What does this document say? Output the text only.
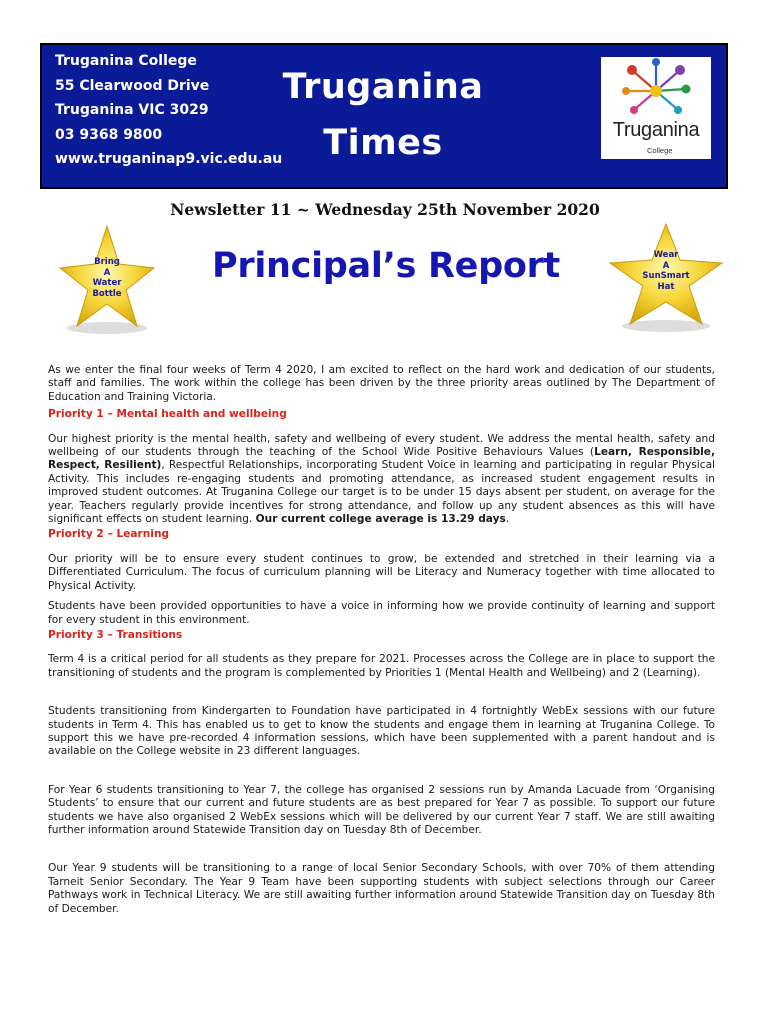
Truganina College
55 Clearwood Drive
Truganina VIC 3029
03 9368 9800
www.truganinap9.vic.edu.au
Truganina
Times	Truganina
College
Newsletter 11 ~ Wednesday 25th November 2020
Bring
A
Water
Bottle
Wear
A
SunSmart
Hat
Principal’s Report

As we enter the final four weeks of Term 4 2020, I am excited to reflect on the hard work and dedication of our students, staff and families. The work within the college has been driven by the three priority areas outlined by The Department of Education and Training Victoria.

Priority 1 – Mental health and wellbeing

Our highest priority is the mental health, safety and wellbeing of every student. We address the mental health, safety and wellbeing of our students through the teaching of the School Wide Positive Behaviours Values (Learn, Responsible, Respect, Resilient), Respectful Relationships, incorporating Student Voice in learning and participating in regular Physical Activity. This includes re-engaging students and promoting attendance, as increased student engagement results in improved student outcomes. At Truganina College our target is to be under 15 days absent per student, on average for the year. Teachers regularly provide incentives for strong attendance, and follow up any student absences as this will have significant effects on student learning. Our current college average is 13.29 days.

Priority 2 – Learning

Our priority will be to ensure every student continues to grow, be extended and stretched in their learning via a Differentiated Curriculum. The focus of curriculum planning will be Literacy and Numeracy together with time allocated to Physical Activity.

Students have been provided opportunities to have a voice in informing how we provide continuity of learning and support for every student in this environment.

Priority 3 – Transitions

Term 4 is a critical period for all students as they prepare for 2021. Processes across the College are in place to support the transitioning of students and the program is complemented by Priorities 1 (Mental Health and Wellbeing) and 2 (Learning).

Students transitioning from Kindergarten to Foundation have participated in 4 fortnightly WebEx sessions with our future students in Term 4. This has enabled us to get to know the students and engage them in learning at Truganina College. To support this we have pre-recorded 4 information sessions, which have been supplemented with a parent handout and is available on the College website in 23 different languages.

For Year 6 students transitioning to Year 7, the college has organised 2 sessions run by Amanda Lacuade from ‘Organising Students’ to ensure that our current and future students are as best prepared for Year 7 as possible. To support our future students we have also organised 2 WebEx sessions which will be delivered by our current Year 7 staff. We are still awaiting further information around Statewide Transition day on Tuesday 8th of December.

Our Year 9 students will be transitioning to a range of local Senior Secondary Schools, with over 70% of them attending Tarneit Senior Secondary. The Year 9 Team have been supporting students with subject selections through our Career Pathways work in Technical Literacy. We are still awaiting further information around Statewide Transition day on Tuesday 8th of December.
